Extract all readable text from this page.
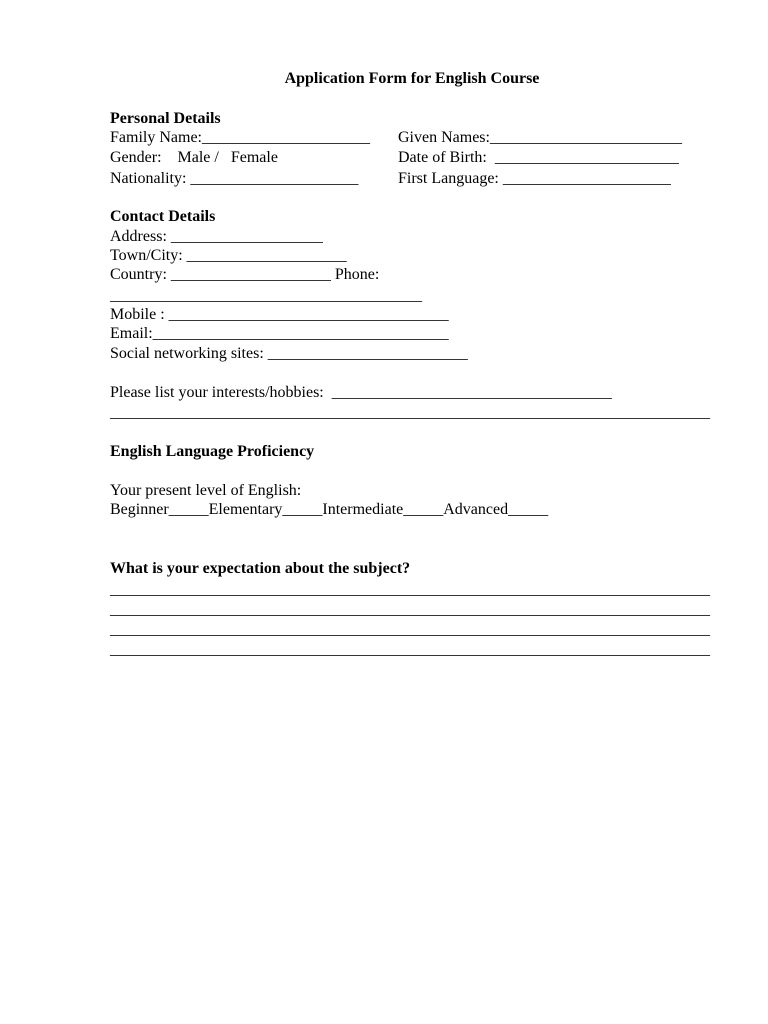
Application Form for English Course
Personal Details
Family Name:_____________________ Given Names:________________________
Gender:    Male /   Female	Date of Birth:  _______________________
Nationality: _____________________ First Language: _____________________
Contact Details
Address: ___________________
Town/City: ____________________
Country: ____________________ Phone:
_______________________________________
Mobile : ___________________________________
Email:_____________________________________
Social networking sites: _________________________
Please list your interests/hobbies:  ___________________________________
___________________________________________________________________________
English Language Proficiency
Your present level of English:
Beginner_____Elementary_____Intermediate_____Advanced_____
What is your expectation about the subject?
___________________________________________________________________________
___________________________________________________________________________
___________________________________________________________________________
___________________________________________________________________________
